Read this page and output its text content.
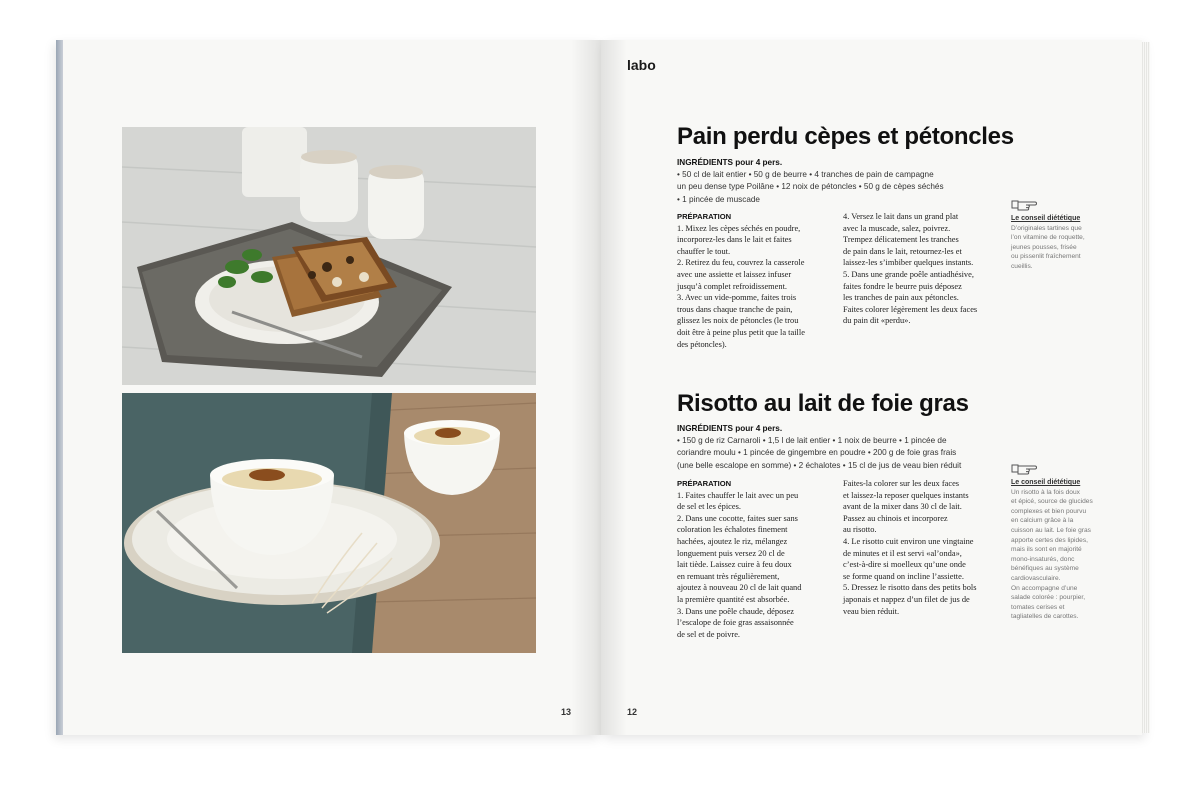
13
labo
Pain perdu cèpes et pétoncles
INGRÉDIENTS pour 4 pers.
• 50 cl de lait entier • 50 g de beurre • 4 tranches de pain de campagne
un peu dense type Poilâne • 12 noix de pétoncles • 50 g de cèpes séchés
• 1 pincée de muscade
PRÉPARATION

1. Mixez les cèpes séchés en poudre,

incorporez-les dans le lait et faites

chauffer le tout.

2. Retirez du feu, couvrez la casserole

avec une assiette et laissez infuser

jusqu’à complet refroidissement.

3. Avec un vide-pomme, faites trois

trous dans chaque tranche de pain,

glissez les noix de pétoncles (le trou

doit être à peine plus petit que la taille

des pétoncles).

4. Versez le lait dans un grand plat

avec la muscade, salez, poivrez.

Trempez délicatement les tranches

de pain dans le lait, retournez-les et

laissez-les s’imbiber quelques instants.

5. Dans une grande poêle antiadhésive,

faites fondre le beurre puis déposez

les tranches de pain aux pétoncles.

Faites colorer légèrement les deux faces

du pain dit «perdu».

Le conseil diététique
D’originales tartines que
l’on vitamine de roquette,
jeunes pousses, frisée
ou pissenlit fraîchement
cueillis.
Risotto au lait de foie gras
INGRÉDIENTS pour 4 pers.
• 150 g de riz Carnaroli • 1,5 l de lait entier • 1 noix de beurre • 1 pincée de
coriandre moulu • 1 pincée de gingembre en poudre • 200 g de foie gras frais
(une belle escalope en somme) • 2 échalotes • 15 cl de jus de veau bien réduit
PRÉPARATION

1. Faites chauffer le lait avec un peu

de sel et les épices.

2. Dans une cocotte, faites suer sans

coloration les échalotes finement

hachées, ajoutez le riz, mélangez

longuement puis versez 20 cl de

lait tiède. Laissez cuire à feu doux

en remuant très régulièrement,

ajoutez à nouveau 20 cl de lait quand

la première quantité est absorbée.

3. Dans une poêle chaude, déposez

l’escalope de foie gras assaisonnée

de sel et de poivre.

Faites-la colorer sur les deux faces

et laissez-la reposer quelques instants

avant de la mixer dans 30 cl de lait.

Passez au chinois et incorporez

au risotto.

4. Le risotto cuit environ une vingtaine

de minutes et il est servi «al’onda»,

c’est-à-dire si moelleux qu’une onde

se forme quand on incline l’assiette.

5. Dressez le risotto dans des petits bols

japonais et nappez d’un filet de jus de

veau bien réduit.

Le conseil diététique
Un risotto à la fois doux
et épicé, source de glucides
complexes et bien pourvu
en calcium grâce à la
cuisson au lait. Le foie gras
apporte certes des lipides,
mais ils sont en majorité
mono-insaturés, donc
bénéfiques au système
cardiovasculaire.
On accompagne d’une
salade colorée : pourpier,
tomates cerises et
tagliatelles de carottes.
12
